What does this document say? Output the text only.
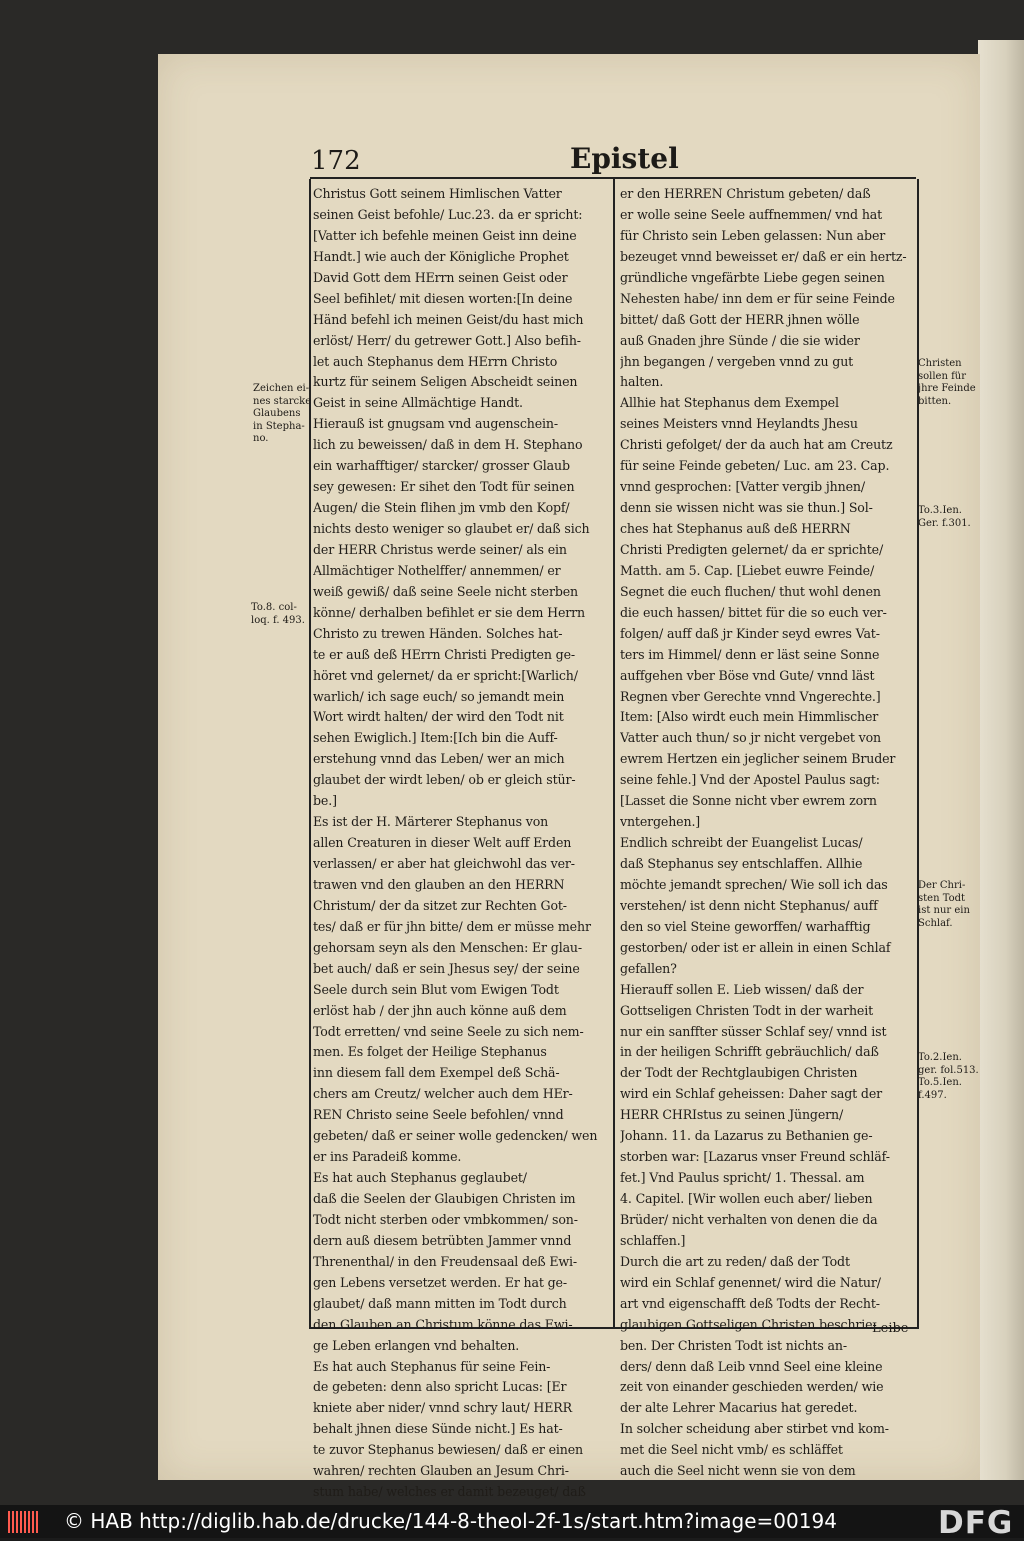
172	Epistel
Christus Gott seinem Himlischen Vatter
seinen Geist befohle/ Luc.23. da er spricht:
[Vatter ich befehle meinen Geist inn deine
Handt.] wie auch der Königliche Prophet
David Gott dem HErrn seinen Geist oder
Seel befihlet/ mit diesen worten:[In deine
Händ befehl ich meinen Geist/du hast mich
erlöst/ Herr/ du getrewer Gott.] Also befih-
let auch Stephanus dem HErrn Christo
kurtz für seinem Seligen Abscheidt seinen
Geist in seine Allmächtige Handt.
Hierauß ist gnugsam vnd augenschein-
lich zu beweissen/ daß in dem H. Stephano
ein warhafftiger/ starcker/ grosser Glaub
sey gewesen: Er sihet den Todt für seinen
Augen/ die Stein flihen jm vmb den Kopf/
nichts desto weniger so glaubet er/ daß sich
der HERR Christus werde seiner/ als ein
Allmächtiger Nothelffer/ annemmen/ er
weiß gewiß/ daß seine Seele nicht sterben
könne/ derhalben befihlet er sie dem Herrn
Christo zu trewen Händen. Solches hat-
te er auß deß HErrn Christi Predigten ge-
höret vnd gelernet/ da er spricht:[Warlich/
warlich/ ich sage euch/ so jemandt mein
Wort wirdt halten/ der wird den Todt nit
sehen Ewiglich.] Item:[Ich bin die Auff-
erstehung vnnd das Leben/ wer an mich
glaubet der wirdt leben/ ob er gleich stür-
be.]
Es ist der H. Märterer Stephanus von
allen Creaturen in dieser Welt auff Erden
verlassen/ er aber hat gleichwohl das ver-
trawen vnd den glauben an den HERRN
Christum/ der da sitzet zur Rechten Got-
tes/ daß er für jhn bitte/ dem er müsse mehr
gehorsam seyn als den Menschen: Er glau-
bet auch/ daß er sein Jhesus sey/ der seine
Seele durch sein Blut vom Ewigen Todt
erlöst hab / der jhn auch könne auß dem
Todt erretten/ vnd seine Seele zu sich nem-
men. Es folget der Heilige Stephanus
inn diesem fall dem Exempel deß Schä-
chers am Creutz/ welcher auch dem HEr-
REN Christo seine Seele befohlen/ vnnd
gebeten/ daß er seiner wolle gedencken/ wen
er ins Paradeiß komme.
Es hat auch Stephanus geglaubet/
daß die Seelen der Glaubigen Christen im
Todt nicht sterben oder vmbkommen/ son-
dern auß diesem betrübten Jammer vnnd
Threnenthal/ in den Freudensaal deß Ewi-
gen Lebens versetzet werden. Er hat ge-
glaubet/ daß mann mitten im Todt durch
den Glauben an Christum könne das Ewi-
ge Leben erlangen vnd behalten.
Es hat auch Stephanus für seine Fein-
de gebeten: denn also spricht Lucas: [Er
kniete aber nider/ vnnd schry laut/ HERR
behalt jhnen diese Sünde nicht.] Es hat-
te zuvor Stephanus bewiesen/ daß er einen
wahren/ rechten Glauben an Jesum Chri-
stum habe/ welches er damit bezeuget/ daß
er den HERREN Christum gebeten/ daß
er wolle seine Seele auffnemmen/ vnd hat
für Christo sein Leben gelassen: Nun aber
bezeuget vnnd beweisset er/ daß er ein hertz-
gründliche vngefärbte Liebe gegen seinen
Nehesten habe/ inn dem er für seine Feinde
bittet/ daß Gott der HERR jhnen wölle
auß Gnaden jhre Sünde / die sie wider
jhn begangen / vergeben vnnd zu gut
halten.
Allhie hat Stephanus dem Exempel
seines Meisters vnnd Heylandts Jhesu
Christi gefolget/ der da auch hat am Creutz
für seine Feinde gebeten/ Luc. am 23. Cap.
vnnd gesprochen: [Vatter vergib jhnen/
denn sie wissen nicht was sie thun.] Sol-
ches hat Stephanus auß deß HERRN
Christi Predigten gelernet/ da er sprichte/
Matth. am 5. Cap. [Liebet euwre Feinde/
Segnet die euch fluchen/ thut wohl denen
die euch hassen/ bittet für die so euch ver-
folgen/ auff daß jr Kinder seyd ewres Vat-
ters im Himmel/ denn er läst seine Sonne
auffgehen vber Böse vnd Gute/ vnnd läst
Regnen vber Gerechte vnnd Vngerechte.]
Item: [Also wirdt euch mein Himmlischer
Vatter auch thun/ so jr nicht vergebet von
ewrem Hertzen ein jeglicher seinem Bruder
seine fehle.] Vnd der Apostel Paulus sagt:
[Lasset die Sonne nicht vber ewrem zorn
vntergehen.]
Endlich schreibt der Euangelist Lucas/
daß Stephanus sey entschlaffen. Allhie
möchte jemandt sprechen/ Wie soll ich das
verstehen/ ist denn nicht Stephanus/ auff
den so viel Steine geworffen/ warhafftig
gestorben/ oder ist er allein in einen Schlaf
gefallen?
Hierauff sollen E. Lieb wissen/ daß der
Gottseligen Christen Todt in der warheit
nur ein sanffter süsser Schlaf sey/ vnnd ist
in der heiligen Schrifft gebräuchlich/ daß
der Todt der Rechtglaubigen Christen
wird ein Schlaf geheissen: Daher sagt der
HERR CHRIstus zu seinen Jüngern/
Johann. 11. da Lazarus zu Bethanien ge-
storben war: [Lazarus vnser Freund schläf-
fet.] Vnd Paulus spricht/ 1. Thessal. am
4. Capitel. [Wir wollen euch aber/ lieben
Brüder/ nicht verhalten von denen die da
schlaffen.]
Durch die art zu reden/ daß der Todt
wird ein Schlaf genennet/ wird die Natur/
art vnd eigenschafft deß Todts der Recht-
glaubigen Gottseligen Christen beschrie-
ben. Der Christen Todt ist nichts an-
ders/ denn daß Leib vnnd Seel eine kleine
zeit von einander geschieden werden/ wie
der alte Lehrer Macarius hat geredet.
In solcher scheidung aber stirbet vnd kom-
met die Seel nicht vmb/ es schläffet
auch die Seel nicht wenn sie von dem
Zeichen ei-
nes starcke
Glaubens
in Stepha-
no.
To.8. col-
loq. f. 493.
Christen
sollen für
jhre Feinde
bitten.
To.3.Ien.
Ger. f.301.
Der Chri-
sten Todt
ist nur ein
Schlaf.
To.2.Ien.
ger. fol.513.
To.5.Ien.
f.497.
Leibe
© HAB http://diglib.hab.de/drucke/144-8-theol-2f-1s/start.htm?image=00194	DFG
